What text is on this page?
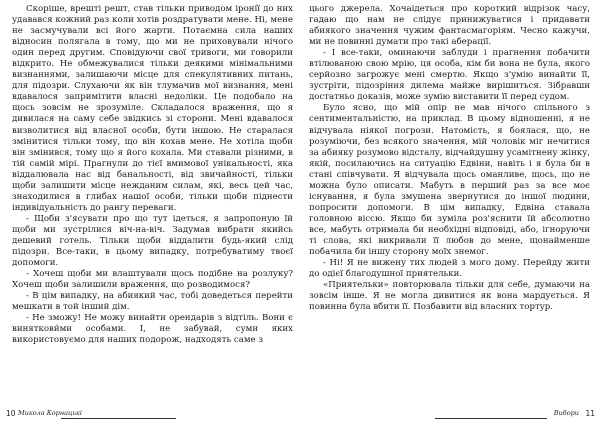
Скоріше, врешті решт, став тільки приводом іроні́ї до них удавався кожний раз коли хотів роздратувати мене. Ні, мене не засмучували всі його жарти. Потаємна сила наших відносин полягала в тому, що ми не приховували нічого один перед другим. Сповідуючи свої тривоги, ми говорили відкрито. Не обмежувалися тільки деякими мінімальними визнаннями, залишаючи місце для спекулятивних питань, для підозри. Слухаючи як він тлумачив мої визнання, мені вдавалося запримітити власні недоліки. Це подобало на щось зовсім не зрозуміле. Складалося враження, що я дивилася на саму себе звідкись зі сторони. Мені вдавалося визволитися від власної особи, бути іншою. Не старалася змінитися тільки тому, що він кохав мене. Не хотіла щоби він змінився, тому що я його кохала. Ми ставали різними, в тій самій мірі. Прагнули до тієї вмимової унікальності, яка віддалювала нас від банальності, від звичайності, тільки щоби залишити місце нежданим силам, які, весь цей час, знаходилися в глибах нашої особи, тільки щоби піднести індивідуальність до рангу переваги.

- Щоби з'ясувати про що тут ідеться, я запропоную їй щоби ми зустрілися віч-на-віч. Задумав вибрати якийсь дешевий готель. Тільки щоби віддалити будь-який слід підозри. Все-таки, в цьому випадку, потребуватиму твоєї допомоги.

- Хочеш щоби ми влаштували щось подібне на розлуку? Хочеш щоби залишили враження, що розводимося?

- В цім випадку, на абиякий час, тобі доведеться перейти мешкати в той інший дім.

- Не зможу! Не можу винайти орендарів з відтіль. Вони є виняткови́ми особами. І, не забувай, суми яких використовуємо для наших подорож, надходять саме з

цього джерела. Хочаідеться про короткий відрізок часу, гадаю що нам не слідує принижуватися і придавати абиякого значення чужим фантасмагоріям. Чесно кажучи, ми не повинні думати про такі аберації.

- І все-таки, оминаючи заблуди і прагнення побачити втілюваною свою мрію, ця особа, кім би вона не була, якого серйозно загрожує мені смертю. Якщо з'умію винайти її, зустріти, підозріння дилема майже вирішиться. Зібравши достатньо доказів, може зумію виставити її перед судом.

Було ясно, що мій опір не мав нічого спільного з сентиментальністю, на приклад. В цьому відношенні, я не відчувала ніякої погрози. Натомість, я боялася, що, не розуміючи, без всякого значення, мій чоловік міг нечитися за абияку розумово відсталу, відчайдушну усамітнену жінку, якій, посилаючись на ситуацію Едвіни, навіть і я була би в стані співчувати. Я відчувала щось оманливе, щось, що не можна було описати. Мабуть в перший раз за все моє існування, я була змушена звернутися до іншої людини, попросити допомоги. В цім випадку, Едвіна ставала головною віссю. Якщо би зуміла роз'яснити їй абсолютно все, мабуть отримала би необхідні відповіді, або, ігноруючи ті слова, які викривали її любов до мене, щонайменше побачила би іншу сторону моїх знемог.

- Ні! Я не вижену тих людей з мого дому. Перейду жити до одієї благодушної приятельки.

«Приятельки» повторювала тільки для себе, думаючи на зовсім інше. Я не могла дивитися як вона мардується. Я повинна була вбити її. Позбавити від власних тортур.

10 Микола Корнацькі	Вибори 11
